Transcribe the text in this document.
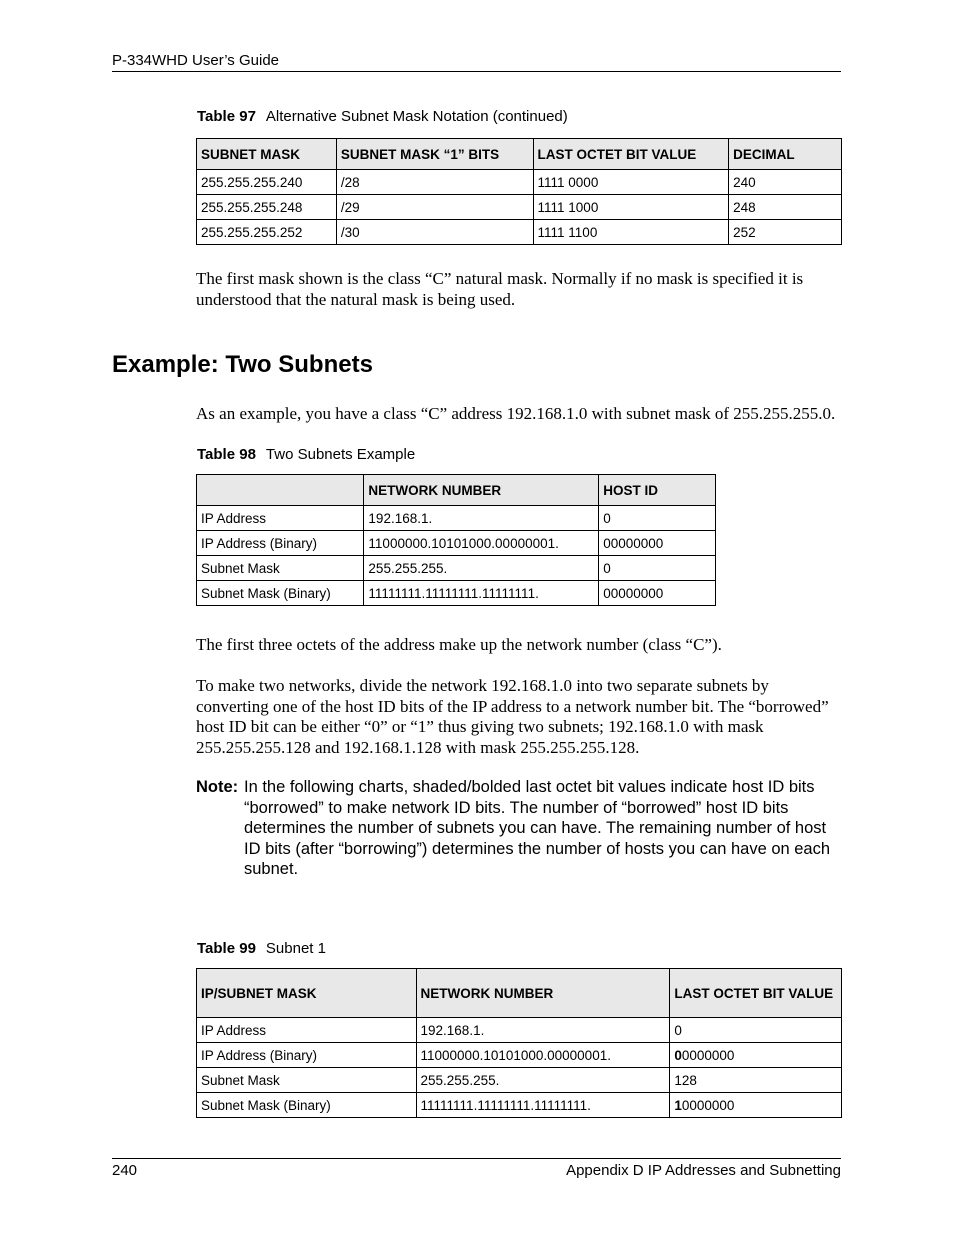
P-334WHD User’s Guide
Table 97 Alternative Subnet Mask Notation (continued)
SUBNET MASK	SUBNET MASK “1” BITS	LAST OCTET BIT VALUE	DECIMAL
255.255.255.240	/28	1111 0000	240
255.255.255.248	/29	1111 1000	248
255.255.255.252	/30	1111 1100	252
The first mask shown is the class “C” natural mask. Normally if no mask is specified it is understood that the natural mask is being used.
Example: Two Subnets
As an example, you have a class “C” address 192.168.1.0 with subnet mask of 255.255.255.0.
Table 98 Two Subnets Example
	NETWORK NUMBER	HOST ID
IP Address	192.168.1.	0
IP Address (Binary)	11000000.10101000.00000001.	00000000
Subnet Mask	255.255.255.	0
Subnet Mask (Binary)	11111111.11111111.11111111.	00000000
The first three octets of the address make up the network number (class “C”).
To make two networks, divide the network 192.168.1.0 into two separate subnets by converting one of the host ID bits of the IP address to a network number bit. The “borrowed” host ID bit can be either “0” or “1” thus giving two subnets; 192.168.1.0 with mask 255.255.255.128 and 192.168.1.128 with mask 255.255.255.128.
Note: In the following charts, shaded/bolded last octet bit values indicate host ID bits “borrowed” to make network ID bits. The number of “borrowed” host ID bits determines the number of subnets you can have. The remaining number of host ID bits (after “borrowing”) determines the number of hosts you can have on each subnet.
Table 99 Subnet 1
IP/SUBNET MASK	NETWORK NUMBER	LAST OCTET BIT VALUE
IP Address	192.168.1.	0
IP Address (Binary)	11000000.10101000.00000001.	00000000
Subnet Mask	255.255.255.	128
Subnet Mask (Binary)	11111111.11111111.11111111.	10000000
240	Appendix D IP Addresses and Subnetting
